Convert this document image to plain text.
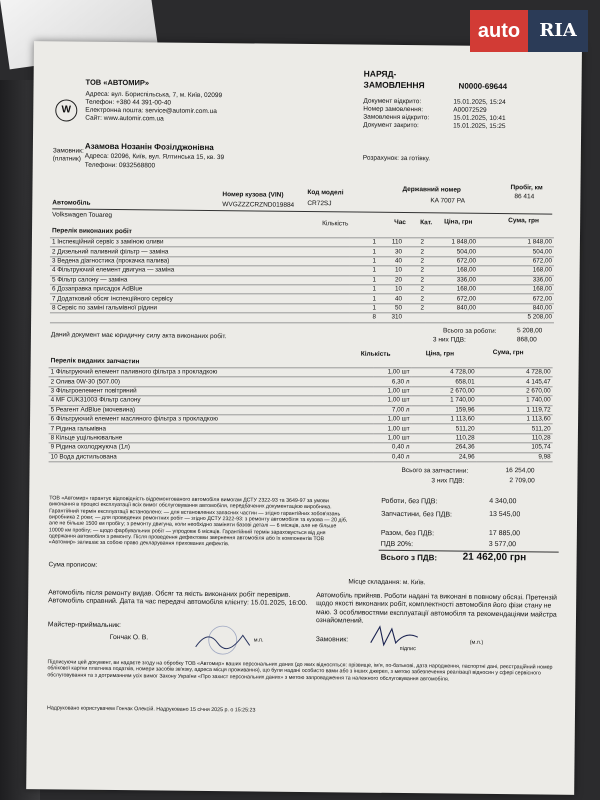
W
ТОВ «АВТОМИР»
Адреса: вул. Бориспільська, 7, м. Київ, 02099
Телефон: +380 44 391-00-40
Електронна пошта: service@automir.com.ua
Сайт: www.automir.com.ua
НАРЯД-
ЗАМОВЛЕННЯ	N0000-69644
Документ відкрито:	15.01.2025, 15:24
Номер замовлення:	A00072529
Замовлення відкрито:	15.01.2025, 10:41
Документ закрито:	15.01.2025, 15:25
Замовник:
(платник)
Азамова Нозанін Фозілджонівна
Адреса: 02096, Київ, вул. Ялтинська 15, кв. 39
Телефони: 0932568800
Розрахунок: за готівку.
Номер кузова (VIN)	Код моделі	Державний номер	Пробіг, км
Автомобіль
Volkswagen Touareg
WVGZZZCRZND019884 CR72SJ	KA 7007 PA
86 414
Кількість	Час Кат. Ціна, грн	Сума, грн
Перелік виконаних робіт
1 Інспекційний сервіс з заміною оливи	1	110	2	1 848,00	1 848,00
2 Дизельний паливний фільтр — заміна	1	30	2	504,00	504,00
3 Ведена діагностика (прокачка палива)	1	40	2	672,00	672,00
4 Фільтруючий елемент двигуна — заміна	1	10	2	168,00	168,00
5 Фільтр салону — заміна	1	20	2	336,00	336,00
6 Дозаправка присадок AdBlue	1	10	2	168,00	168,00
7 Додатковий обсяг інспекційного сервісу	1	40	2	672,00	672,00
8 Сервіс по заміні гальмівної рідини	1	50	2	840,00	840,00
	8	310			5 208,00
Всього за роботи:	5 208,00
3 них ПДВ:	868,00
Даний документ має юридичну силу акта виконаних робіт.
Кількість	Ціна, грн	Сума, грн
Перелік виданих запчастин
1 Фільтруючий елемент паливного фільтра з прокладкою	1,00 шт	4 728,00	4 728,00
2 Олива 0W-30 (507.00)	6,30 л	658,01	4 145,47
3 Фільтроелемент повітряний	1,00 шт	2 670,00	2 670,00
4 MF CUK31003 Фільтр салону	1,00 шт	1 740,00	1 740,00
5 Реагент AdBlue (мочевина)	7,00 л	159,96	1 119,72
6 Фільтруючий елемент масляного фільтра з прокладкою	1,00 шт	1 113,60	1 113,60
7 Рідина гальмівна	1,00 шт	511,20	511,20
8 Кільце ущільнювальне	1,00 шт	110,28	110,28
9 Рідина охолоджуюча (1л)	0,40 л	264,36	105,74
10 Вода дистильована	0,40 л	24,96	9,98
Всього за запчастини:	16 254,00
3 них ПДВ:	2 709,00
ТОВ «Автомир» гарантує відповідність відремонтованого автомобіля вимогам ДСТУ 2322-93 та 3649-97 за умови виконання в процесі експлуатації всіх вимог обслуговування автомобіля, передбачених документацією виробника. Гарантійний термін експлуатації встановлено: — для встановлених запасних частин — згідно гарантійних зобов'язань виробника 2 роки; — для проведених ремонтних робіт — згідно ДСТУ 2322-93: з ремонту автомобіля та кузова — 20 діб, але не більше 1500 км пробігу; з ремонту двигуна, коли необхідно заміняти базові деталі — 6 місяців, але не більше 10000 км пробігу; — щодо фарбувальних робіт — упродовж 6 місяців. Гарантійний термін зараховується від дня одержання автомобіля з ремонту. Після проведення дефектовки звернення автомобіля або їх компонентів ТОВ «Автомир» залишає за собою право декларування прихованих дефектів.
Роботи, без ПДВ:	4 340,00
Запчастини, без ПДВ:	13 545,00
Разом, без ПДВ:	17 885,00
ПДВ 20%:	3 577,00
Всього з ПДВ:	21 462,00 грн
Сума прописом:
Місце складання: м. Київ.
Автомобіль після ремонту видав. Обсяг та якість виконаних робіт перевірив. Автомобіль справний. Дата та час передачі автомобіля клієнту: 15.01.2025, 16:00.
Майстер-приймальник:
Гончак О. В.	м.п.
Автомобіль прийняв. Роботи надані та виконані в повному обсязі. Претензій щодо якості виконаних робіт, комплектності автомобіля його фізи стану не маю. З особливостями експлуатації автомобіля та рекомендаціями майстра ознайомлений.
Замовник:
підпис
(м.п.)
Підписуючи цей документ, ви надаєте згоду на обробку ТОВ «Автомир» ваших персональних даних (до яких відносяться: прізвище, ім'я, по-батькові, дата народження, паспортні дані, реєстраційний номер облікової картки платника податків, номери засобів зв'язку, адреса місця проживання), що були надані особисто вами або з інших джерел, з метою забезпечення реалізації відносин у сфері сервісного обслуговування та з дотриманням усіх вимог Закону України «Про захист персональних даних» з метою запровадження та належного обслуговування автомобіля.
Надруковано користувачем Гончак Олексій. Надруковано 15 січня 2025 р. о 15:25:23
auto	RIA
